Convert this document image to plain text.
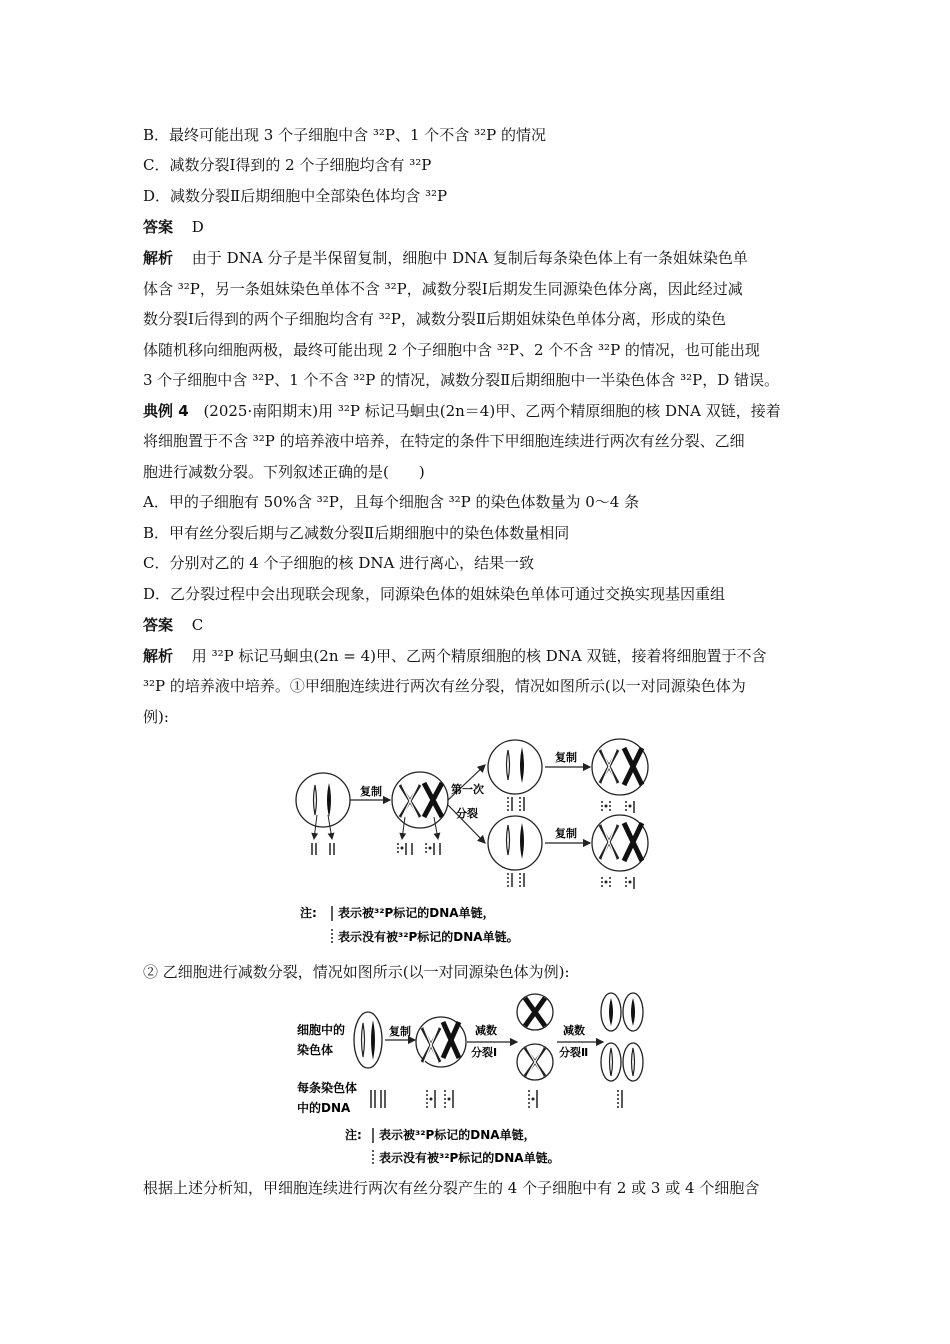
B．最终可能出现 3 个子细胞中含 ³²P、1 个不含 ³²P 的情况
C．减数分裂Ⅰ得到的 2 个子细胞均含有 ³²P
D．减数分裂Ⅱ后期细胞中全部染色体均含 ³²P
答案 D
解析 由于 DNA 分子是半保留复制，细胞中 DNA 复制后每条染色体上有一条姐妹染色单
体含 ³²P，另一条姐妹染色单体不含 ³²P，减数分裂Ⅰ后期发生同源染色体分离，因此经过减
数分裂Ⅰ后得到的两个子细胞均含有 ³²P，减数分裂Ⅱ后期姐妹染色单体分离，形成的染色
体随机移向细胞两极，最终可能出现 2 个子细胞中含 ³²P、2 个不含 ³²P 的情况，也可能出现
3 个子细胞中含 ³²P、1 个不含 ³²P 的情况，减数分裂Ⅱ后期细胞中一半染色体含 ³²P，D 错误。
典例 4 (2025·南阳期末)用 ³²P 标记马蛔虫(2n＝4)甲、乙两个精原细胞的核 DNA 双链，接着
将细胞置于不含 ³²P 的培养液中培养，在特定的条件下甲细胞连续进行两次有丝分裂、乙细
胞进行减数分裂。下列叙述正确的是(　　)
A．甲的子细胞有 50%含 ³²P，且每个细胞含 ³²P 的染色体数量为 0～4 条
B．甲有丝分裂后期与乙减数分裂Ⅱ后期细胞中的染色体数量相同
C．分别对乙的 4 个子细胞的核 DNA 进行离心，结果一致
D．乙分裂过程中会出现联会现象，同源染色体的姐妹染色单体可通过交换实现基因重组
答案 C
解析 用 ³²P 标记马蛔虫(2n = 4)甲、乙两个精原细胞的核 DNA 双链，接着将细胞置于不含
³²P 的培养液中培养。①甲细胞连续进行两次有丝分裂，情况如图所示(以一对同源染色体为
例):
复制	第一次
分裂
复制
复制
注: 表示被³²P标记的DNA单链，
表示没有被³²P标记的DNA单链。
② 乙细胞进行减数分裂，情况如图所示(以一对同源染色体为例):
细胞中的
染色体
复制	减数
分裂Ⅰ
减数
分裂Ⅱ
每条染色体
中的DNA
注: 表示被³²P标记的DNA单链，
表示没有被³²P标记的DNA单链。
根据上述分析知，甲细胞连续进行两次有丝分裂产生的 4 个子细胞中有 2 或 3 或 4 个细胞含
